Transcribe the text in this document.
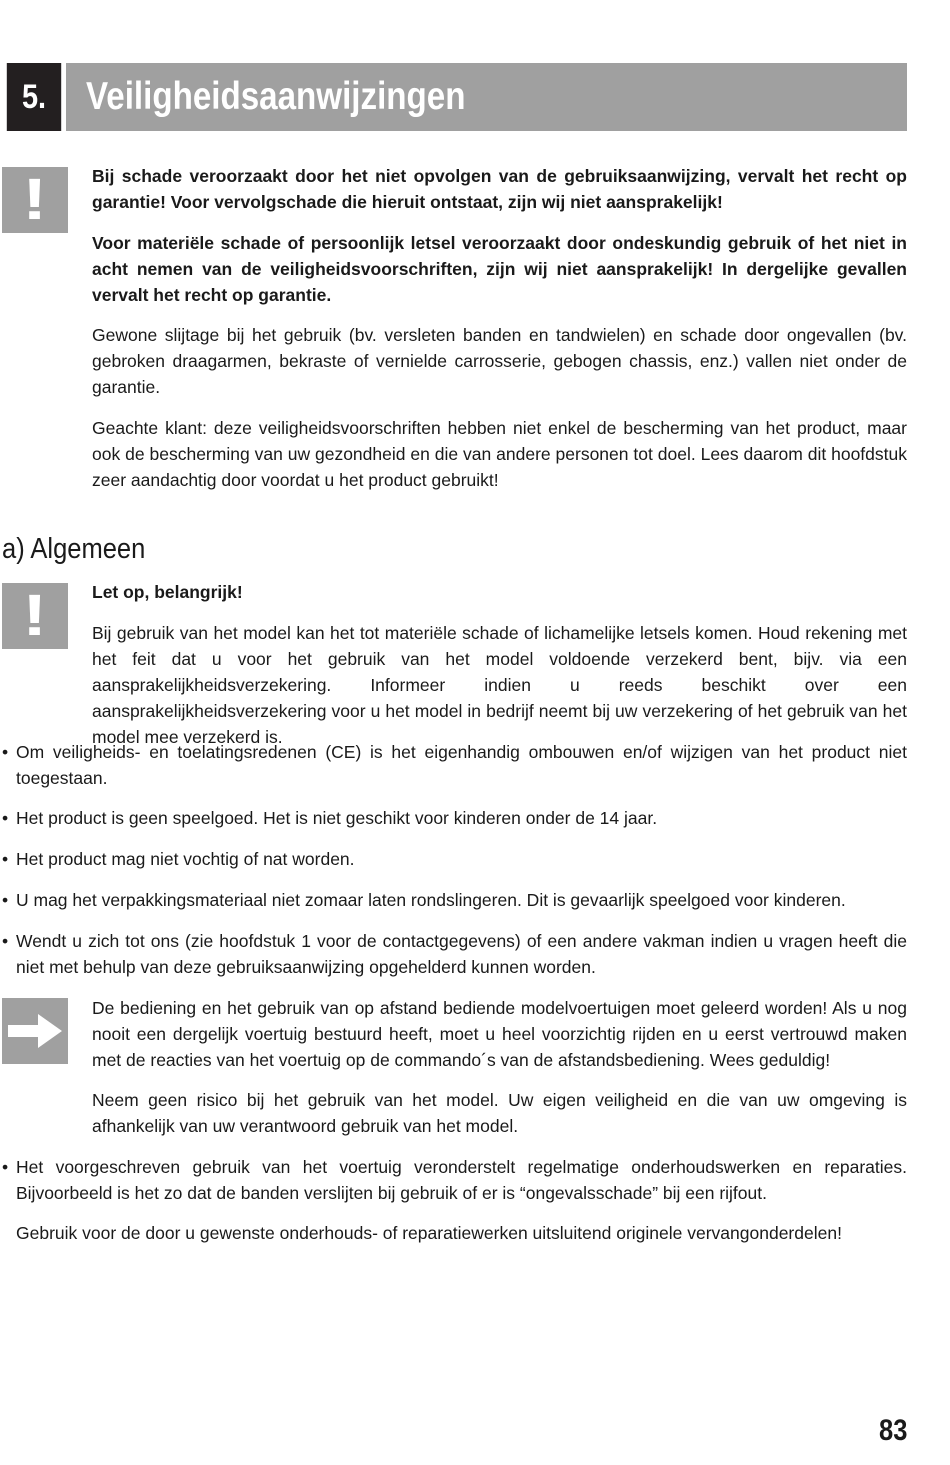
5.	Veiligheidsaanwijzingen
!	Bij schade veroorzaakt door het niet opvolgen van de gebruiksaanwijzing, vervalt het recht op garantie! Voor vervolgschade die hieruit ontstaat, zijn wij niet aansprakelijk!
Voor materiële schade of persoonlijk letsel veroorzaakt door ondeskundig gebruik of het niet in acht nemen van de veiligheidsvoorschriften, zijn wij niet aansprakelijk! In dergelijke gevallen vervalt het recht op garantie.
Gewone slijtage bij het gebruik (bv. versleten banden en tandwielen) en schade door ongevallen (bv. gebroken draagarmen, bekraste of vernielde carrosserie, gebogen chassis, enz.) vallen niet onder de garantie.
Geachte klant: deze veiligheidsvoorschriften hebben niet enkel de bescherming van het product, maar ook de bescherming van uw gezondheid en die van andere personen tot doel. Lees daarom dit hoofdstuk zeer aandachtig door voordat u het product gebruikt!
a) Algemeen
!	Let op, belangrijk!
Bij gebruik van het model kan het tot materiële schade of lichamelijke letsels komen. Houd rekening met het feit dat u voor het gebruik van het model voldoende verzekerd bent, bijv. via een aansprakelijkheidsverzekering. Informeer indien u reeds beschikt over een aansprakelijkheidsverzekering voor u het model in bedrijf neemt bij uw verzekering of het gebruik van het model mee verzekerd is.
• Om veiligheids- en toelatingsredenen (CE) is het eigenhandig ombouwen en/of wijzigen van het product niet toegestaan.
• Het product is geen speelgoed. Het is niet geschikt voor kinderen onder de 14 jaar.
• Het product mag niet vochtig of nat worden.
• U mag het verpakkingsmateriaal niet zomaar laten rondslingeren. Dit is gevaarlijk speelgoed voor kinderen.
• Wendt u zich tot ons (zie hoofdstuk 1 voor de contactgegevens) of een andere vakman indien u vragen heeft die niet met behulp van deze gebruiksaanwijzing opgehelderd kunnen worden.
De bediening en het gebruik van op afstand bediende modelvoertuigen moet geleerd worden! Als u nog nooit een dergelijk voertuig bestuurd heeft, moet u heel voorzichtig rijden en u eerst vertrouwd maken met de reacties van het voertuig op de commando´s van de afstandsbediening. Wees geduldig!
Neem geen risico bij het gebruik van het model. Uw eigen veiligheid en die van uw omgeving is afhankelijk van uw verantwoord gebruik van het model.
• Het voorgeschreven gebruik van het voertuig veronderstelt regelmatige onderhoudswerken en reparaties. Bijvoorbeeld is het zo dat de banden verslijten bij gebruik of er is “ongevalsschade” bij een rijfout.
Gebruik voor de door u gewenste onderhouds- of reparatiewerken uitsluitend originele vervangonderdelen!
83
